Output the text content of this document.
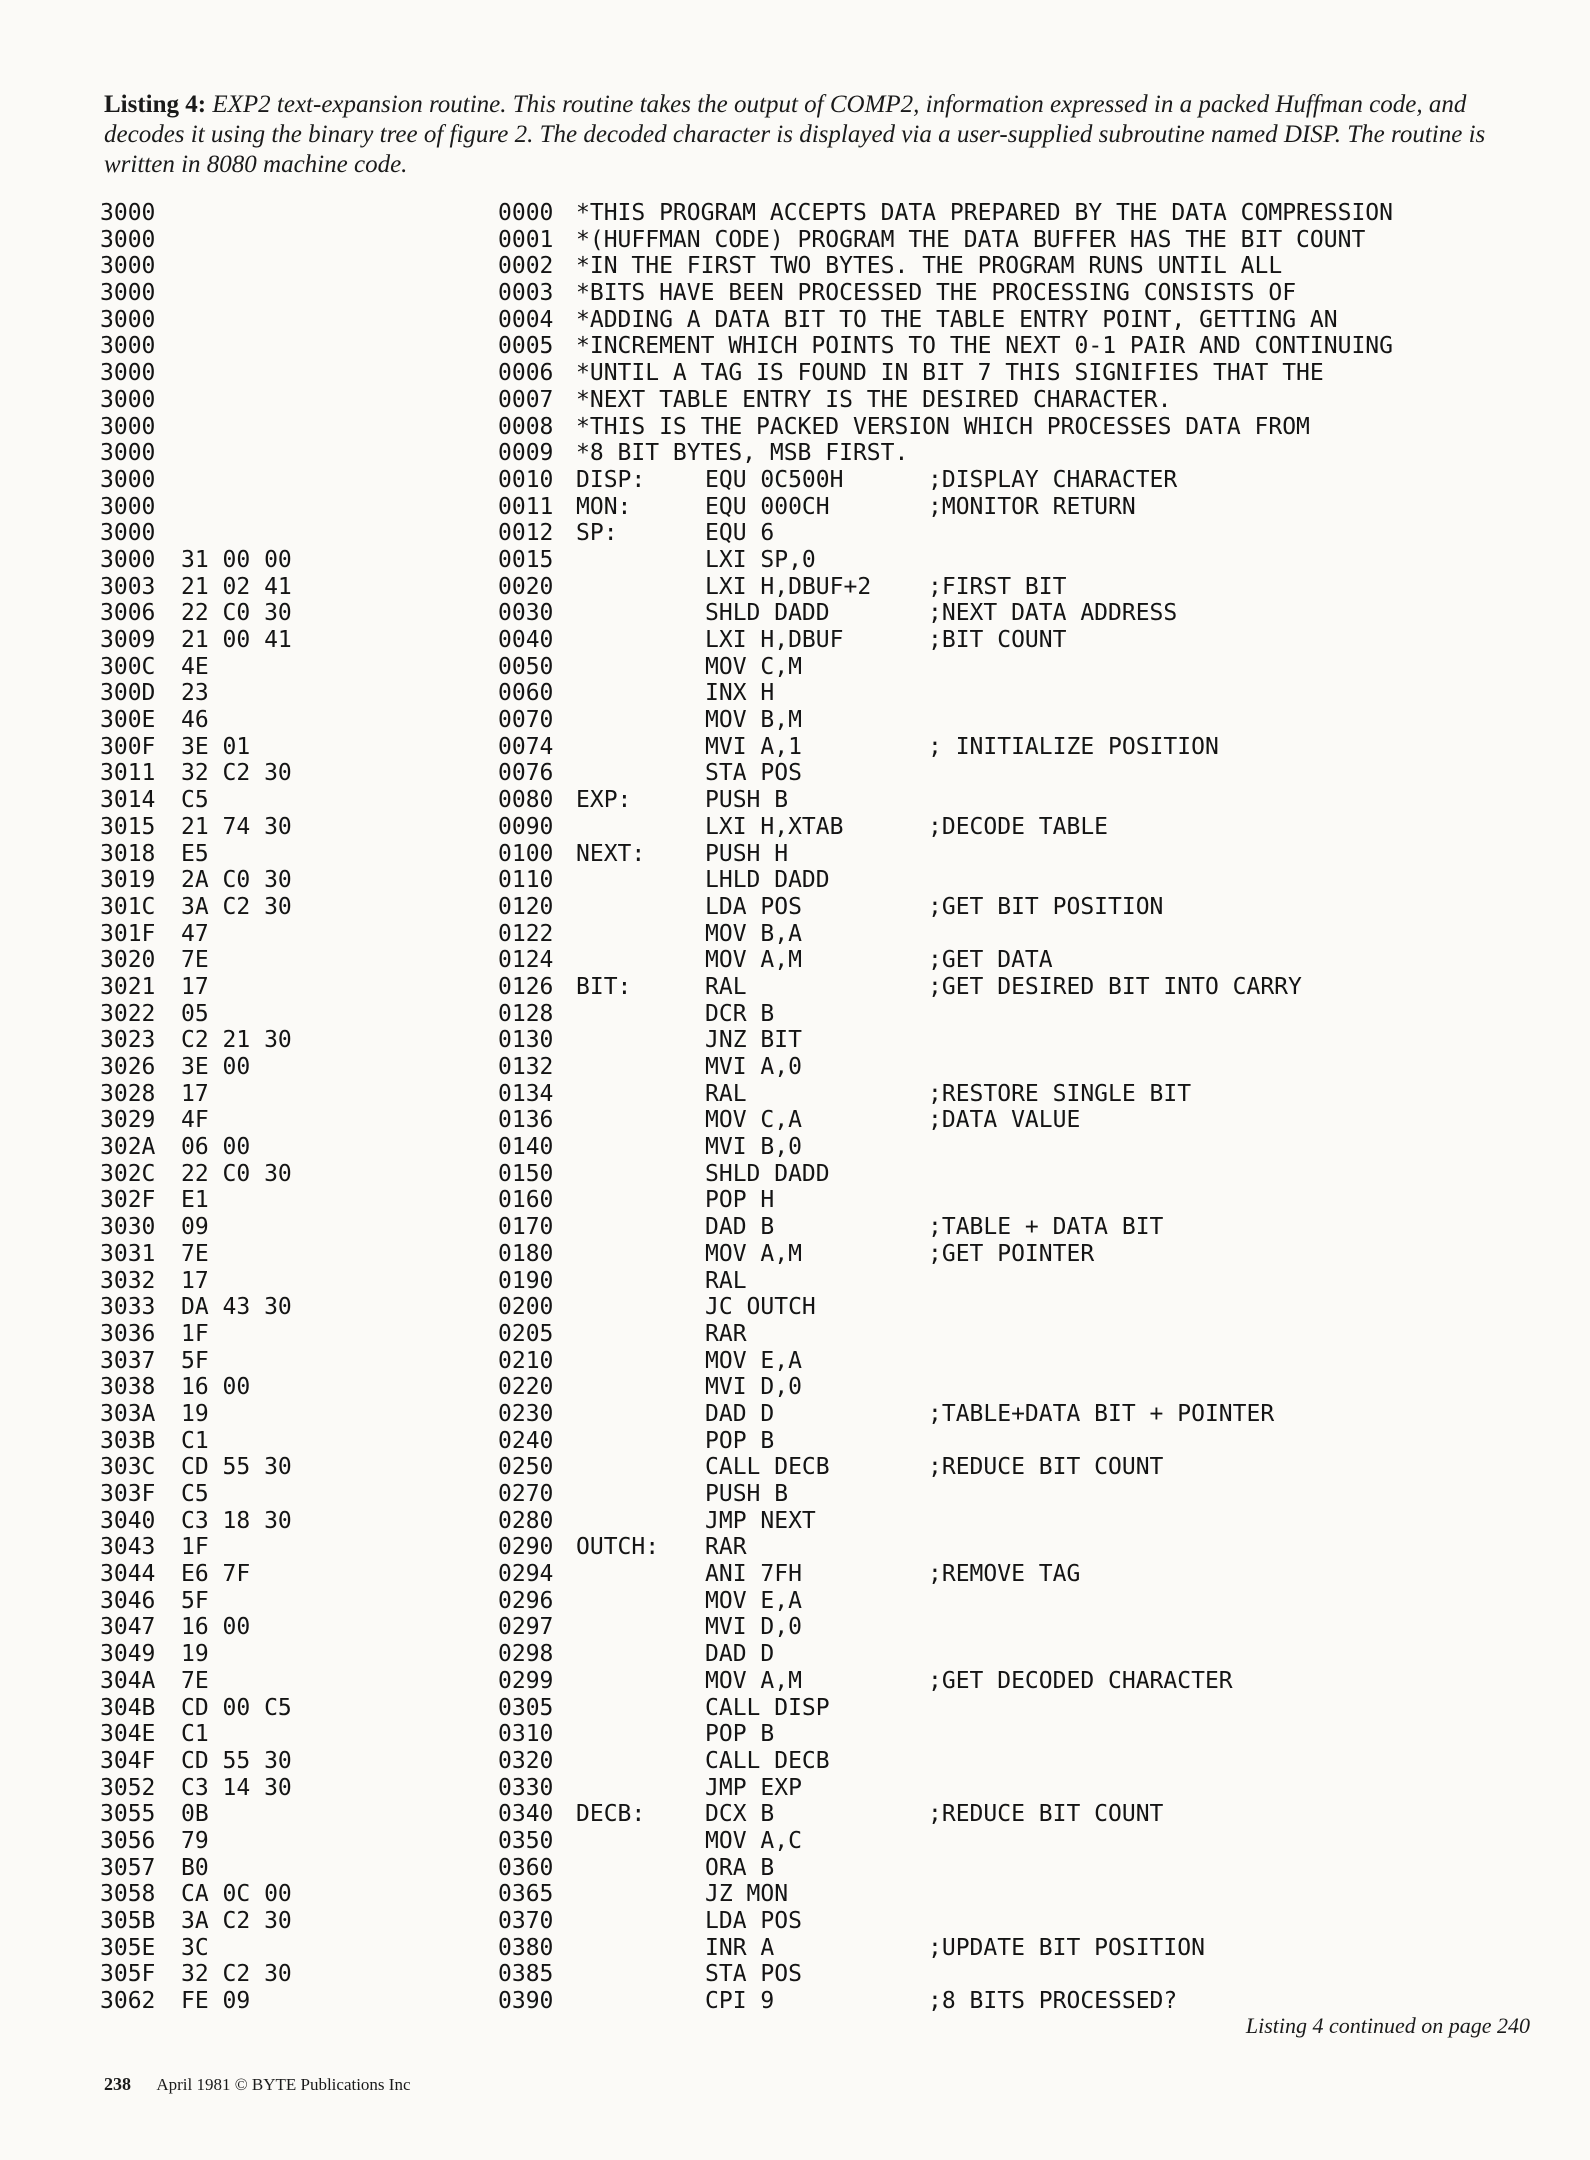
Listing 4: EXP2 text-expansion routine. This routine takes the output of COMP2, information expressed in a packed Huffman code, and decodes it using the binary tree of figure 2. The decoded character is displayed via a user-supplied subroutine named DISP. The routine is written in 8080 machine code.
3000	0000 *THIS PROGRAM ACCEPTS DATA PREPARED BY THE DATA COMPRESSION
3000	0001 *(HUFFMAN CODE) PROGRAM THE DATA BUFFER HAS THE BIT COUNT
3000	0002 *IN THE FIRST TWO BYTES. THE PROGRAM RUNS UNTIL ALL
3000	0003 *BITS HAVE BEEN PROCESSED THE PROCESSING CONSISTS OF
3000	0004 *ADDING A DATA BIT TO THE TABLE ENTRY POINT, GETTING AN
3000	0005 *INCREMENT WHICH POINTS TO THE NEXT 0-1 PAIR AND CONTINUING
3000	0006 *UNTIL A TAG IS FOUND IN BIT 7 THIS SIGNIFIES THAT THE
3000	0007 *NEXT TABLE ENTRY IS THE DESIRED CHARACTER.
3000	0008 *THIS IS THE PACKED VERSION WHICH PROCESSES DATA FROM
3000	0009 *8 BIT BYTES, MSB FIRST.
3000	0010 DISP:	EQU 0C500H	;DISPLAY CHARACTER
3000	0011 MON:	EQU 000CH	;MONITOR RETURN
3000	0012 SP:	EQU 6
3000 31 00 00	0015	LXI SP,0
3003 21 02 41	0020	LXI H,DBUF+2 ;FIRST BIT
3006 22 C0 30	0030	SHLD DADD	;NEXT DATA ADDRESS
3009 21 00 41	0040	LXI H,DBUF	;BIT COUNT
300C 4E	0050	MOV C,M
300D 23	0060	INX H
300E 46	0070	MOV B,M
300F 3E 01	0074	MVI A,1	; INITIALIZE POSITION
3011 32 C2 30	0076	STA POS
3014 C5	0080 EXP:	PUSH B
3015 21 74 30	0090	LXI H,XTAB	;DECODE TABLE
3018 E5	0100 NEXT:	PUSH H
3019 2A C0 30	0110	LHLD DADD
301C 3A C2 30	0120	LDA POS	;GET BIT POSITION
301F 47	0122	MOV B,A
3020 7E	0124	MOV A,M	;GET DATA
3021 17	0126 BIT:	RAL	;GET DESIRED BIT INTO CARRY
3022 05	0128	DCR B
3023 C2 21 30	0130	JNZ BIT
3026 3E 00	0132	MVI A,0
3028 17	0134	RAL	;RESTORE SINGLE BIT
3029 4F	0136	MOV C,A	;DATA VALUE
302A 06 00	0140	MVI B,0
302C 22 C0 30	0150	SHLD DADD
302F E1	0160	POP H
3030 09	0170	DAD B	;TABLE + DATA BIT
3031 7E	0180	MOV A,M	;GET POINTER
3032 17	0190	RAL
3033 DA 43 30	0200	JC OUTCH
3036 1F	0205	RAR
3037 5F	0210	MOV E,A
3038 16 00	0220	MVI D,0
303A 19	0230	DAD D	;TABLE+DATA BIT + POINTER
303B C1	0240	POP B
303C CD 55 30	0250	CALL DECB	;REDUCE BIT COUNT
303F C5	0270	PUSH B
3040 C3 18 30	0280	JMP NEXT
3043 1F	0290 OUTCH: RAR
3044 E6 7F	0294	ANI 7FH	;REMOVE TAG
3046 5F	0296	MOV E,A
3047 16 00	0297	MVI D,0
3049 19	0298	DAD D
304A 7E	0299	MOV A,M	;GET DECODED CHARACTER
304B CD 00 C5	0305	CALL DISP
304E C1	0310	POP B
304F CD 55 30	0320	CALL DECB
3052 C3 14 30	0330	JMP EXP
3055 0B	0340 DECB:	DCX B	;REDUCE BIT COUNT
3056 79	0350	MOV A,C
3057 B0	0360	ORA B
3058 CA 0C 00	0365	JZ MON
305B 3A C2 30	0370	LDA POS
305E 3C	0380	INR A	;UPDATE BIT POSITION
305F 32 C2 30	0385	STA POS
3062 FE 09	0390	CPI 9	;8 BITS PROCESSED?
Listing 4 continued on page 240
238 April 1981 © BYTE Publications Inc
